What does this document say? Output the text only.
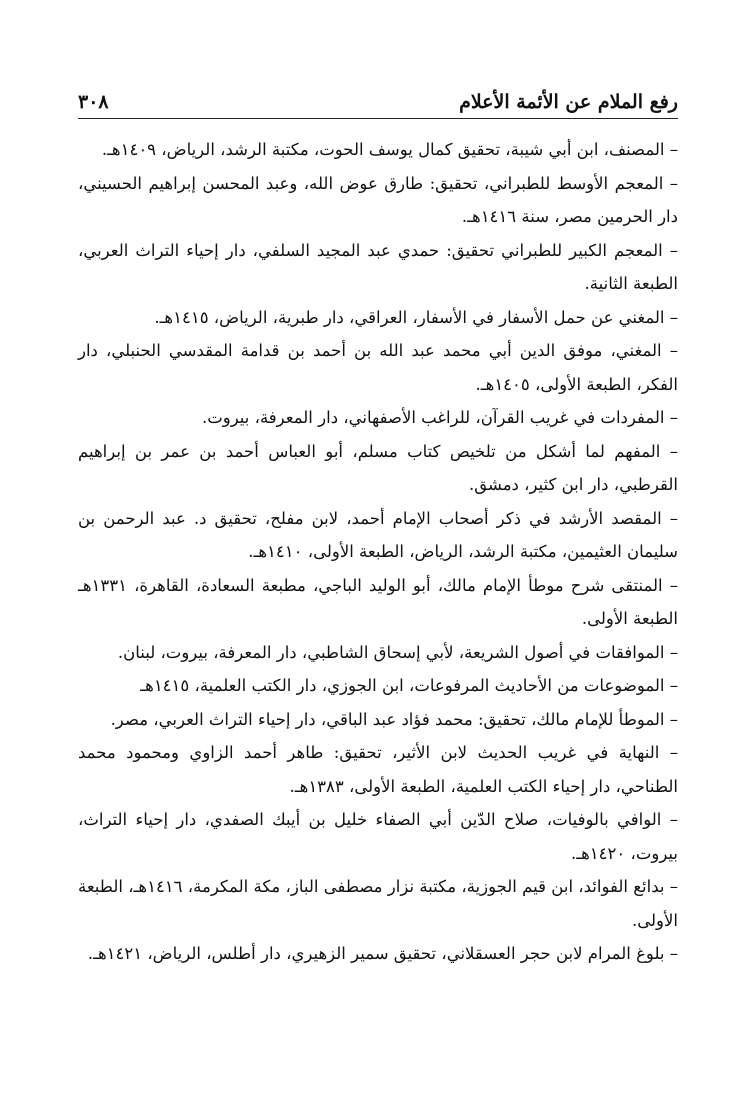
رفع الملام عن الأئمة الأعلام
٣٠٨
– المصنف، ابن أبي شيبة، تحقيق كمال يوسف الحوت، مكتبة الرشد، الرياض، ١٤٠٩هـ.
– المعجم الأوسط للطبراني، تحقيق: طارق عوض الله، وعبد المحسن إبراهيم الحسيني، دار الحرمين مصر، سنة ١٤١٦هـ.
– المعجم الكبير للطبراني تحقيق: حمدي عبد المجيد السلفي، دار إحياء التراث العربي، الطبعة الثانية.
– المغني عن حمل الأسفار في الأسفار، العراقي، دار طبرية، الرياض، ١٤١٥هـ.
– المغني، موفق الدين أبي محمد عبد الله بن أحمد بن قدامة المقدسي الحنبلي، دار الفكر، الطبعة الأولى، ١٤٠٥هـ.
– المفردات في غريب القرآن، للراغب الأصفهاني، دار المعرفة، بيروت.
– المفهم لما أشكل من تلخيص كتاب مسلم، أبو العباس أحمد بن عمر بن إبراهيم القرطبي، دار ابن كثير، دمشق.
– المقصد الأرشد في ذكر أصحاب الإمام أحمد، لابن مفلح، تحقيق د. عبد الرحمن بن سليمان العثيمين، مكتبة الرشد، الرياض، الطبعة الأولى، ١٤١٠هـ.
– المنتقى شرح موطأ الإمام مالك، أبو الوليد الباجي، مطبعة السعادة، القاهرة، ١٣٣١هـ الطبعة الأولى.
– الموافقات في أصول الشريعة، لأبي إسحاق الشاطبي، دار المعرفة، بيروت، لبنان.
– الموضوعات من الأحاديث المرفوعات، ابن الجوزي، دار الكتب العلمية، ١٤١٥هـ
– الموطأ للإمام مالك، تحقيق: محمد فؤاد عبد الباقي، دار إحياء التراث العربي، مصر.
– النهاية في غريب الحديث لابن الأثير، تحقيق: طاهر أحمد الزاوي ومحمود محمد الطناحي، دار إحياء الكتب العلمية، الطبعة الأولى، ١٣٨٣هـ.
– الوافي بالوفيات، صلاح الدّين أبي الصفاء خليل بن أيبك الصفدي، دار إحياء التراث، بيروت، ١٤٢٠هـ.
– بدائع الفوائد، ابن قيم الجوزية، مكتبة نزار مصطفى الباز، مكة المكرمة، ١٤١٦هـ، الطبعة الأولى.
– بلوغ المرام لابن حجر العسقلاني، تحقيق سمير الزهيري، دار أطلس، الرياض، ١٤٢١هـ.
